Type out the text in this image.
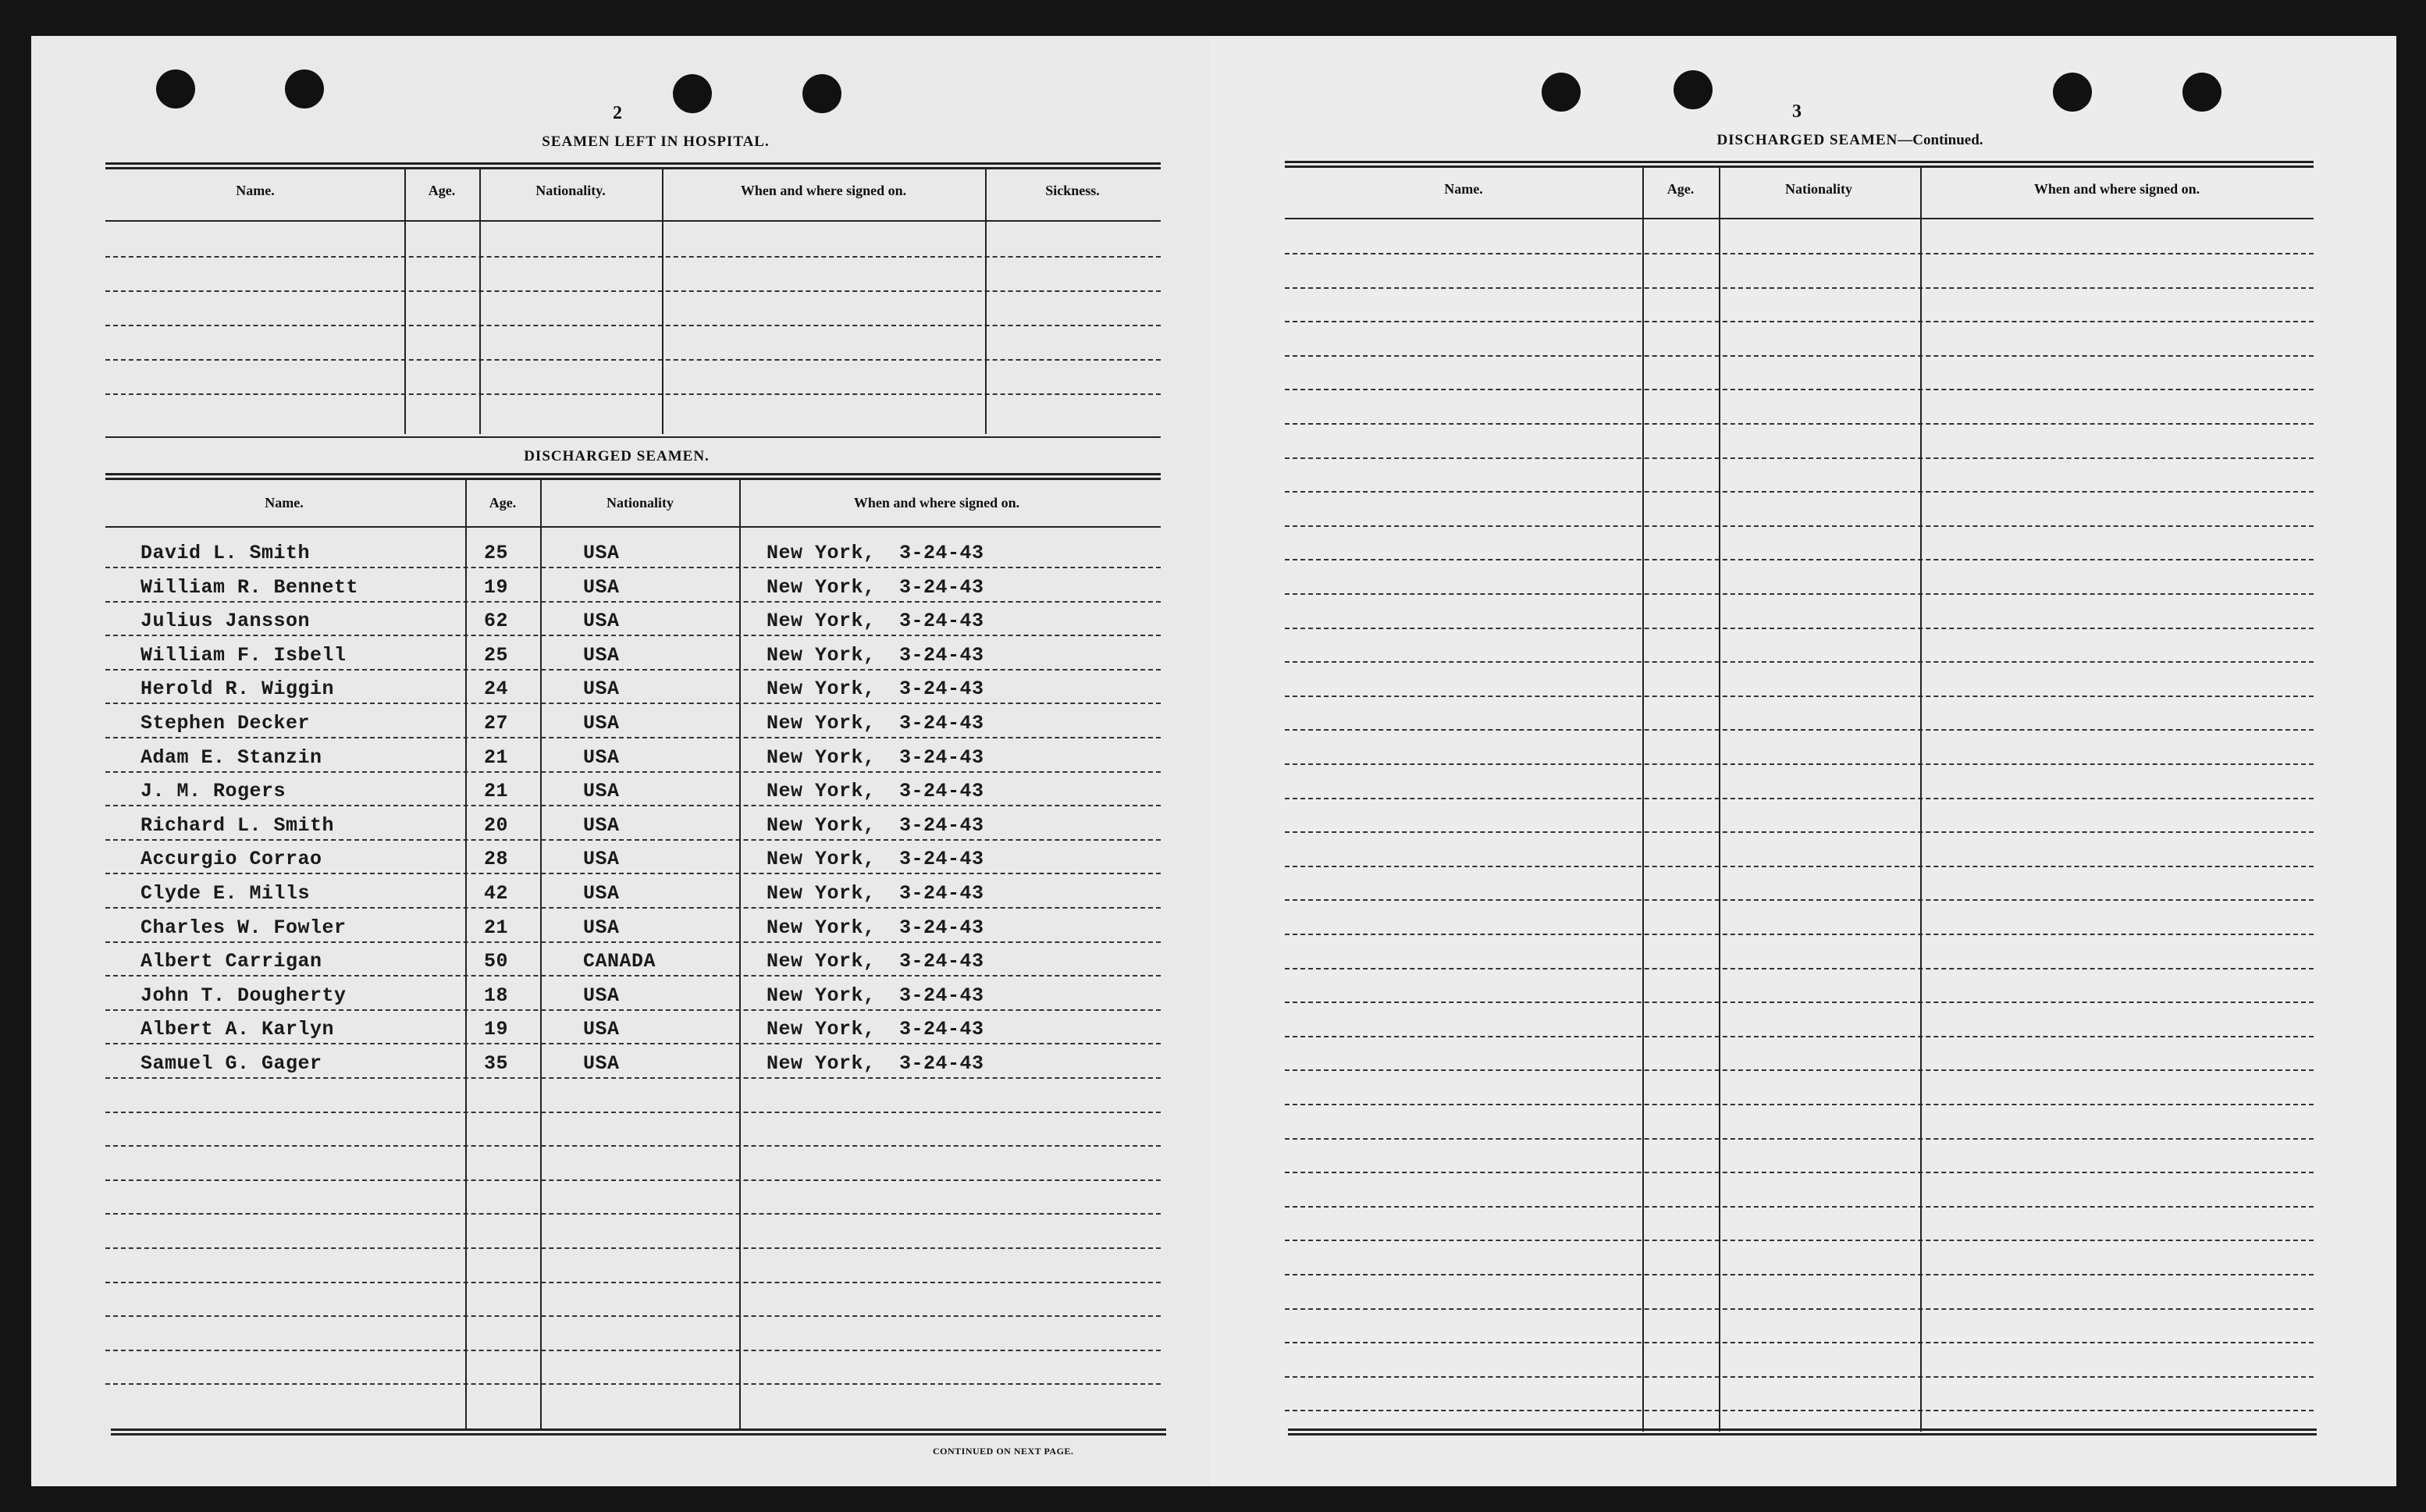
2
SEAMEN LEFT IN HOSPITAL.
Name.	Age.	Nationality.	When and where signed on.	Sickness.
DISCHARGED SEAMEN.
Name.	Age.	Nationality	When and where signed on.
David L. Smith	25	USA	New York, 3-24-43
William R. Bennett	19	USA	New York, 3-24-43
Julius Jansson	62	USA	New York, 3-24-43
William F. Isbell	25	USA	New York, 3-24-43
Herold R. Wiggin	24	USA	New York, 3-24-43
Stephen Decker	27	USA	New York, 3-24-43
Adam E. Stanzin	21	USA	New York, 3-24-43
J. M. Rogers	21	USA	New York, 3-24-43
Richard L. Smith	20	USA	New York, 3-24-43
Accurgio Corrao	28	USA	New York, 3-24-43
Clyde E. Mills	42	USA	New York, 3-24-43
Charles W. Fowler	21	USA	New York, 3-24-43
Albert Carrigan	50	CANADA	New York, 3-24-43
John T. Dougherty	18	USA	New York, 3-24-43
Albert A. Karlyn	19	USA	New York, 3-24-43
Samuel G. Gager	35	USA	New York, 3-24-43
CONTINUED ON NEXT PAGE.
3
DISCHARGED SEAMEN—Continued.
Name.	Age.	Nationality	When and where signed on.
